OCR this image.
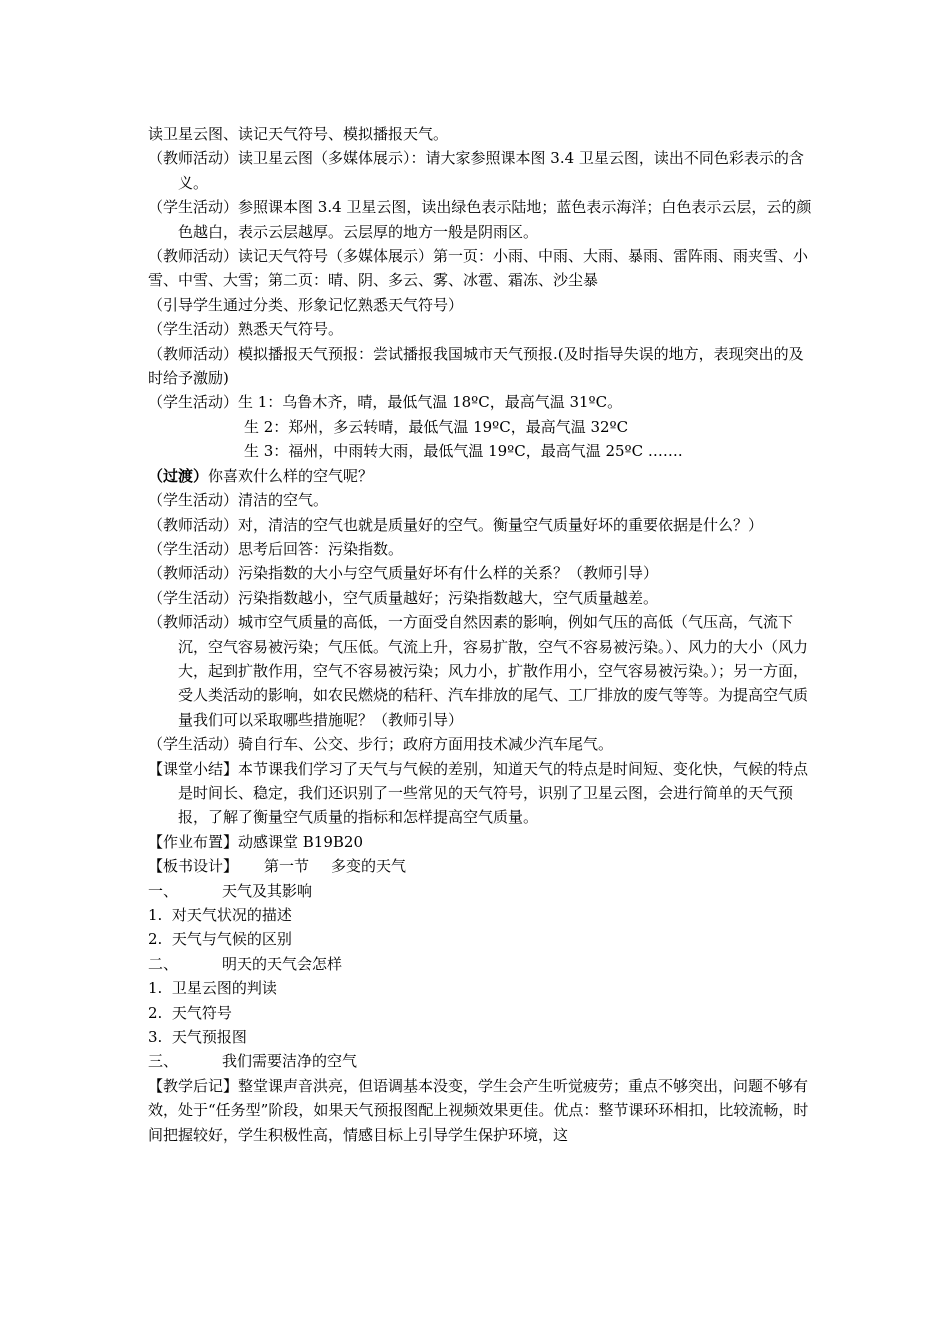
读卫星云图、读记天气符号、模拟播报天气。

（教师活动）读卫星云图（多媒体展示）：请大家参照课本图 3.4 卫星云图，读出不同色彩表示的含义。

（学生活动）参照课本图 3.4 卫星云图，读出绿色表示陆地；蓝色表示海洋；白色表示云层，云的颜色越白，表示云层越厚。云层厚的地方一般是阴雨区。

（教师活动）读记天气符号（多媒体展示）第一页：小雨、中雨、大雨、暴雨、雷阵雨、雨夹雪、小雪、中雪、大雪；第二页：晴、阴、多云、雾、冰雹、霜冻、沙尘暴

（引导学生通过分类、形象记忆熟悉天气符号）

（学生活动）熟悉天气符号。

（教师活动）模拟播报天气预报：尝试播报我国城市天气预报.(及时指导失误的地方，表现突出的及时给予激励)

（学生活动）生 1：乌鲁木齐，晴，最低气温 18ºC，最高气温 31ºC。

生 2：郑州，多云转晴，最低气温 19ºC，最高气温 32ºC

生 3：福州，中雨转大雨，最低气温 19ºC，最高气温 25ºC …….

（过渡）你喜欢什么样的空气呢？

（学生活动）清洁的空气。

（教师活动）对，清洁的空气也就是质量好的空气。衡量空气质量好坏的重要依据是什么？）

（学生活动）思考后回答：污染指数。

（教师活动）污染指数的大小与空气质量好坏有什么样的关系？（教师引导）

（学生活动）污染指数越小，空气质量越好；污染指数越大，空气质量越差。

（教师活动）城市空气质量的高低，一方面受自然因素的影响，例如气压的高低（气压高，气流下沉，空气容易被污染；气压低。气流上升，容易扩散，空气不容易被污染。）、风力的大小（风力大，起到扩散作用，空气不容易被污染；风力小，扩散作用小，空气容易被污染。）；另一方面，受人类活动的影响，如农民燃烧的秸秆、汽车排放的尾气、工厂排放的废气等等。为提高空气质量我们可以采取哪些措施呢？（教师引导）

（学生活动）骑自行车、公交、步行；政府方面用技术减少汽车尾气。

【课堂小结】本节课我们学习了天气与气候的差别，知道天气的特点是时间短、变化快，气候的特点是时间长、稳定，我们还识别了一些常见的天气符号，识别了卫星云图，会进行简单的天气预报，了解了衡量空气质量的指标和怎样提高空气质量。

【作业布置】动感课堂 B19B20

【板书设计】 第一节 多变的天气

一、	天气及其影响

1. 对天气状况的描述

2. 天气与气候的区别

二、	明天的天气会怎样

1. 卫星云图的判读

2. 天气符号

3. 天气预报图

三、	我们需要洁净的空气

【教学后记】整堂课声音洪亮，但语调基本没变，学生会产生听觉疲劳；重点不够突出，问题不够有效，处于“任务型”阶段，如果天气预报图配上视频效果更佳。优点：整节课环环相扣，比较流畅，时间把握较好，学生积极性高，情感目标上引导学生保护环境，这
